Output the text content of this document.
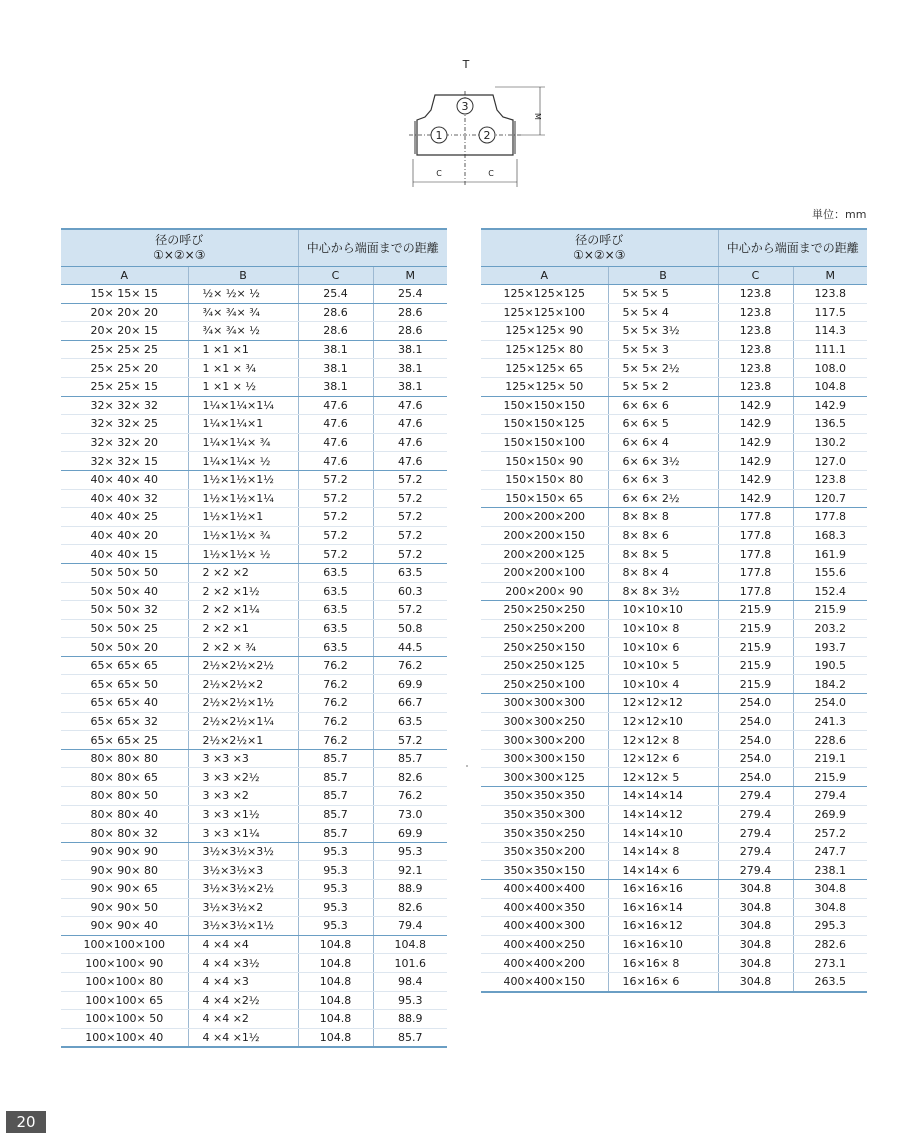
T
3
1	2
M
C	C
単位：mm
径の呼び
①×②×③		中心から端面までの距離	
A	B	C	M
15× 15× 15	½× ½× ½	25.4	25.4
20× 20× 20	¾× ¾× ¾	28.6	28.6
20× 20× 15	¾× ¾× ½	28.6	28.6
25× 25× 25	1 ×1 ×1	38.1	38.1
25× 25× 20	1 ×1 × ¾	38.1	38.1
25× 25× 15	1 ×1 × ½	38.1	38.1
32× 32× 32	1¼×1¼×1¼	47.6	47.6
32× 32× 25	1¼×1¼×1	47.6	47.6
32× 32× 20	1¼×1¼× ¾	47.6	47.6
32× 32× 15	1¼×1¼× ½	47.6	47.6
40× 40× 40	1½×1½×1½	57.2	57.2
40× 40× 32	1½×1½×1¼	57.2	57.2
40× 40× 25	1½×1½×1	57.2	57.2
40× 40× 20	1½×1½× ¾	57.2	57.2
40× 40× 15	1½×1½× ½	57.2	57.2
50× 50× 50	2 ×2 ×2	63.5	63.5
50× 50× 40	2 ×2 ×1½	63.5	60.3
50× 50× 32	2 ×2 ×1¼	63.5	57.2
50× 50× 25	2 ×2 ×1	63.5	50.8
50× 50× 20	2 ×2 × ¾	63.5	44.5
65× 65× 65	2½×2½×2½	76.2	76.2
65× 65× 50	2½×2½×2	76.2	69.9
65× 65× 40	2½×2½×1½	76.2	66.7
65× 65× 32	2½×2½×1¼	76.2	63.5
65× 65× 25	2½×2½×1	76.2	57.2
80× 80× 80	3 ×3 ×3	85.7	85.7
80× 80× 65	3 ×3 ×2½	85.7	82.6
80× 80× 50	3 ×3 ×2	85.7	76.2
80× 80× 40	3 ×3 ×1½	85.7	73.0
80× 80× 32	3 ×3 ×1¼	85.7	69.9
90× 90× 90	3½×3½×3½	95.3	95.3
90× 90× 80	3½×3½×3	95.3	92.1
90× 90× 65	3½×3½×2½	95.3	88.9
90× 90× 50	3½×3½×2	95.3	82.6
90× 90× 40	3½×3½×1½	95.3	79.4
100×100×100	4 ×4 ×4	104.8	104.8
100×100× 90	4 ×4 ×3½	104.8	101.6
100×100× 80	4 ×4 ×3	104.8	98.4
100×100× 65	4 ×4 ×2½	104.8	95.3
100×100× 50	4 ×4 ×2	104.8	88.9
100×100× 40	4 ×4 ×1½	104.8	85.7
径の呼び
①×②×③		中心から端面までの距離	
A	B	C	M
125×125×125	5× 5× 5	123.8	123.8
125×125×100	5× 5× 4	123.8	117.5
125×125× 90	5× 5× 3½	123.8	114.3
125×125× 80	5× 5× 3	123.8	111.1
125×125× 65	5× 5× 2½	123.8	108.0
125×125× 50	5× 5× 2	123.8	104.8
150×150×150	6× 6× 6	142.9	142.9
150×150×125	6× 6× 5	142.9	136.5
150×150×100	6× 6× 4	142.9	130.2
150×150× 90	6× 6× 3½	142.9	127.0
150×150× 80	6× 6× 3	142.9	123.8
150×150× 65	6× 6× 2½	142.9	120.7
200×200×200	8× 8× 8	177.8	177.8
200×200×150	8× 8× 6	177.8	168.3
200×200×125	8× 8× 5	177.8	161.9
200×200×100	8× 8× 4	177.8	155.6
200×200× 90	8× 8× 3½	177.8	152.4
250×250×250	10×10×10	215.9	215.9
250×250×200	10×10× 8	215.9	203.2
250×250×150	10×10× 6	215.9	193.7
250×250×125	10×10× 5	215.9	190.5
250×250×100	10×10× 4	215.9	184.2
300×300×300	12×12×12	254.0	254.0
300×300×250	12×12×10	254.0	241.3
300×300×200	12×12× 8	254.0	228.6
300×300×150	12×12× 6	254.0	219.1
300×300×125	12×12× 5	254.0	215.9
350×350×350	14×14×14	279.4	279.4
350×350×300	14×14×12	279.4	269.9
350×350×250	14×14×10	279.4	257.2
350×350×200	14×14× 8	279.4	247.7
350×350×150	14×14× 6	279.4	238.1
400×400×400	16×16×16	304.8	304.8
400×400×350	16×16×14	304.8	304.8
400×400×300	16×16×12	304.8	295.3
400×400×250	16×16×10	304.8	282.6
400×400×200	16×16× 8	304.8	273.1
400×400×150	16×16× 6	304.8	263.5
20
